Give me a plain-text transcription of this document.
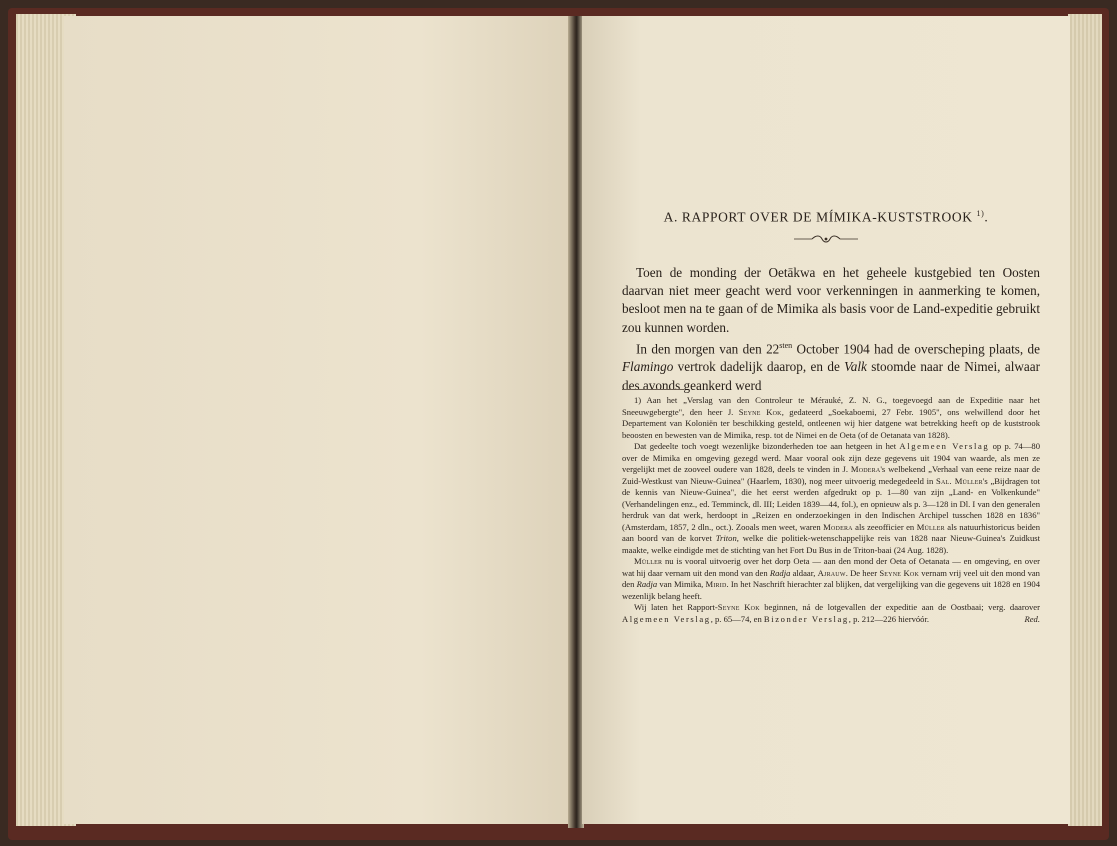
A. RAPPORT OVER DE MÍMIKA-KUSTSTROOK $^{1)}$.

Toen de monding der Oetākwa en het geheele kustgebied ten Oosten daarvan niet meer geacht werd voor verkenningen in aanmerking te komen, besloot men na te gaan of de Mimika als basis voor de Land-expeditie gebruikt zou kunnen worden.

In den morgen van den $22^{sten}$ October 1904 had de overscheping plaats, de Flamingo vertrok dadelijk daarop, en de Valk stoomde naar de Nimei, alwaar des avonds geankerd werd

1) Aan het „Verslag van den Controleur te Mérauké, Z. N. G., toegevoegd aan de Expeditie naar het Sneeuwgebergte", den heer J. Seyne Kok, gedateerd „Soekaboemi, 27 Febr. 1905", ons welwillend door het Departement van Koloniën ter beschikking gesteld, ontleenen wij hier datgene wat betrekking heeft op de kuststrook beoosten en bewesten van de Mimika, resp. tot de Nimei en de Oeta (of de Oetanata van 1828).

Dat gedeelte toch voegt wezenlijke bizonderheden toe aan hetgeen in het Algemeen Verslag op p. 74—80 over de Mimika en omgeving gezegd werd. Maar vooral ook zijn deze gegevens uit 1904 van waarde, als men ze vergelijkt met de zooveel oudere van 1828, deels te vinden in J. Modera's welbekend „Verhaal van eene reize naar de Zuid-Westkust van Nieuw-Guinea" (Haarlem, 1830), nog meer uitvoerig medegedeeld in Sal. Müller's „Bijdragen tot de kennis van Nieuw-Guinea", die het eerst werden afgedrukt op p. 1—80 van zijn „Land- en Volkenkunde" (Verhandelingen enz., ed. Temminck, dl. III; Leiden 1839—44, fol.), en opnieuw als p. 3—128 in Dl. I van den generalen herdruk van dat werk, herdoopt in „Reizen en onderzoekingen in den Indischen Archipel tusschen 1828 en 1836" (Amsterdam, 1857, 2 dln., oct.). Zooals men weet, waren Modera als zeeofficier en Müller als natuurhistoricus beiden aan boord van de korvet Triton, welke die politiek-wetenschappelijke reis van 1828 naar Nieuw-Guinea's Zuidkust maakte, welke eindigde met de stichting van het Fort Du Bus in de Triton-baai (24 Aug. 1828).

Müller nu is vooral uitvoerig over het dorp Oeta — aan den mond der Oeta of Oetanata — en omgeving, en over wat hij daar vernam uit den mond van den Radja aldaar, Ajrauw. De heer Seyne Kok vernam vrij veel uit den mond van den Radja van Mimika, Mirid. In het Naschrift hierachter zal blijken, dat vergelijking van die gegevens uit 1828 en 1904 wezenlijk belang heeft.

Wij laten het Rapport-Seyne Kok beginnen, ná de lotgevallen der expeditie aan de Oostbaai; verg. daarover Algemeen Verslag, p. 65—74, en Bizonder Verslag, p. 212—226 hiervóór.	Red.
